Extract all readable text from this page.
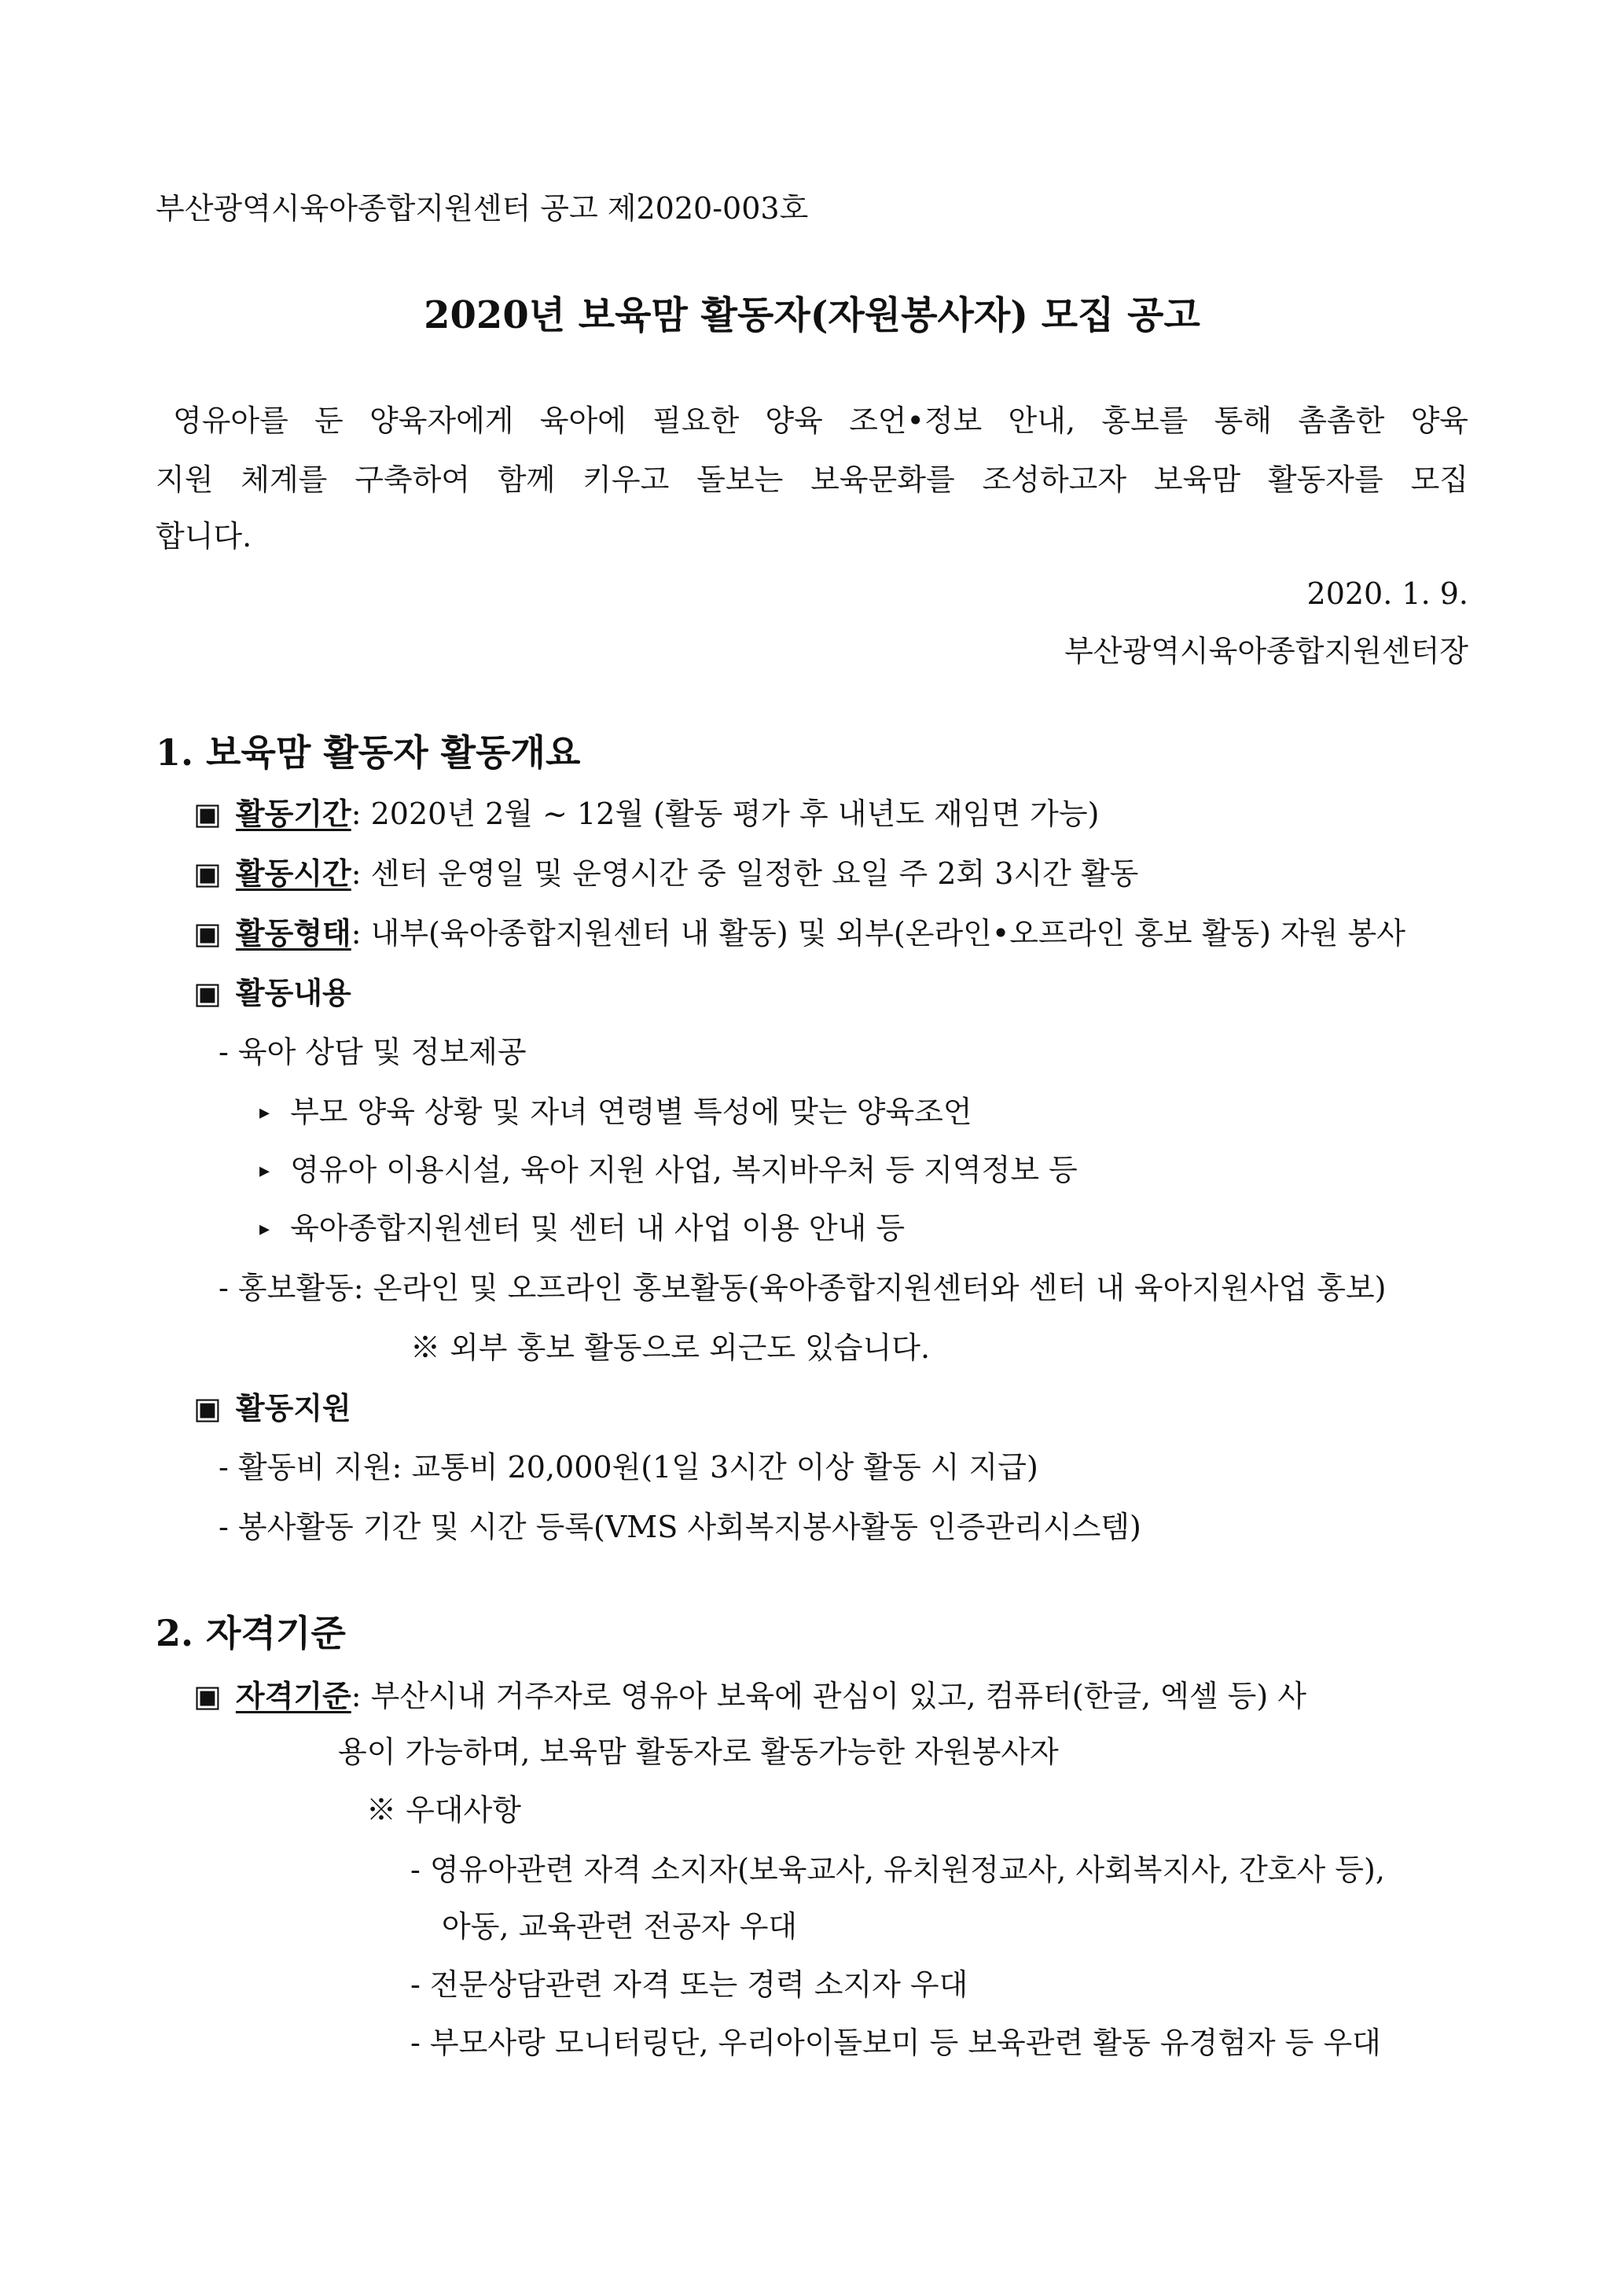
부산광역시육아종합지원센터 공고 제2020-003호
2020년 보육맘 활동자(자원봉사자) 모집 공고
영유아를 둔 양육자에게 육아에 필요한 양육 조언•정보 안내, 홍보를 통해 촘촘한 양육
지원 체계를 구축하여 함께 키우고 돌보는 보육문화를 조성하고자 보육맘 활동자를 모집
합니다.
2020. 1. 9.
부산광역시육아종합지원센터장
1. 보육맘 활동자 활동개요
▣ 활동기간: 2020년 2월 ~ 12월 (활동 평가 후 내년도 재임면 가능)
▣ 활동시간: 센터 운영일 및 운영시간 중 일정한 요일 주 2회 3시간 활동
▣ 활동형태: 내부(육아종합지원센터 내 활동) 및 외부(온라인•오프라인 홍보 활동) 자원 봉사
▣ 활동내용
- 육아 상담 및 정보제공
▸ 부모 양육 상황 및 자녀 연령별 특성에 맞는 양육조언
▸ 영유아 이용시설, 육아 지원 사업, 복지바우처 등 지역정보 등
▸ 육아종합지원센터 및 센터 내 사업 이용 안내 등
- 홍보활동: 온라인 및 오프라인 홍보활동(육아종합지원센터와 센터 내 육아지원사업 홍보)
※ 외부 홍보 활동으로 외근도 있습니다.
▣ 활동지원
- 활동비 지원: 교통비 20,000원(1일 3시간 이상 활동 시 지급)
- 봉사활동 기간 및 시간 등록(VMS 사회복지봉사활동 인증관리시스템)
2. 자격기준
▣ 자격기준: 부산시내 거주자로 영유아 보육에 관심이 있고, 컴퓨터(한글, 엑셀 등) 사
용이 가능하며, 보육맘 활동자로 활동가능한 자원봉사자
※ 우대사항
- 영유아관련 자격 소지자(보육교사, 유치원정교사, 사회복지사, 간호사 등),
아동, 교육관련 전공자 우대
- 전문상담관련 자격 또는 경력 소지자 우대
- 부모사랑 모니터링단, 우리아이돌보미 등 보육관련 활동 유경험자 등 우대
